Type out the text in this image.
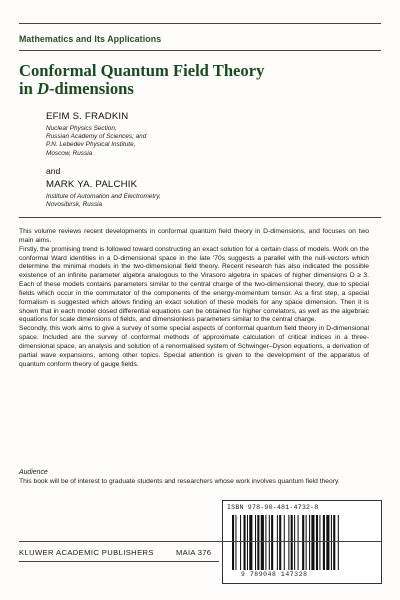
Mathematics and Its Applications
Conformal Quantum Field Theory
in D-dimensions
EFIM S. FRADKIN
Nuclear Physics Section,
Russian Academy of Sciences; and
P.N. Lebedev Physical Institute,
Moscow, Russia
and
MARK YA. PALCHIK
Institute of Automation and Electrometry,
Novosibirsk, Russia

This volume reviews recent developments in conformal quantum field theory in D-dimensions, and focuses on two main aims.

Firstly, the promising trend is followed toward constructing an exact solution for a certain class of models. Work on the conformal Ward identities in a D-dimensional space in the late '70s suggests a parallel with the null-vectors which determine the minimal models in the two-dimensional field theory. Recent research has also indicated the possible existence of an infinite parameter algebra analogous to the Virasoro algebra in spaces of higher dimensions D ≥ 3. Each of these models contains parameters similar to the central charge of the two-dimensional theory, due to special fields which occur in the commutator of the components of the energy-momentum tensor. As a first step, a special formalism is suggested which allows finding an exact solution of these models for any space dimension. Then it is shown that in each model closed differential equations can be obtained for higher correlators, as well as the algebraic equations for scale dimensions of fields, and dimensionless parameters similar to the central charge.

Secondly, this work aims to give a survey of some special aspects of conformal quantum field theory in D-dimensional space. Included are the survey of conformal methods of approximate calculation of critical indices in a three-dimensional space, an analysis and solution of a renormalised system of Schwinger–Dyson equations, a derivation of partial wave expansions, among other topics. Special attention is given to the development of the apparatus of quantum conform theory of gauge fields.

Audience
This book will be of interest to graduate students and researchers whose work involves quantum field theory.
ISBN 978-90-481-4732-8
9 789048 147328
KLUWER ACADEMIC PUBLISHERS	MAIA 376
